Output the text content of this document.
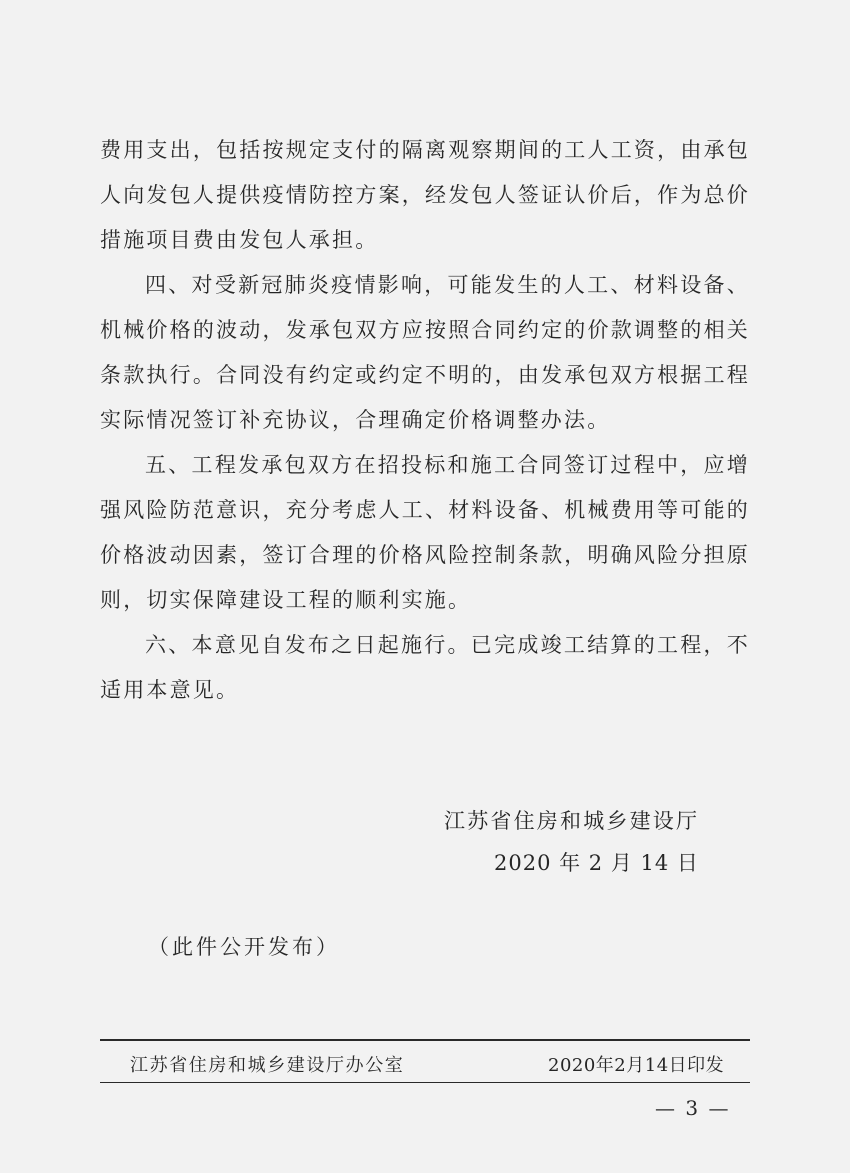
费用支出，包括按规定支付的隔离观察期间的工人工资，由承包人向发包人提供疫情防控方案，经发包人签证认价后，作为总价措施项目费由发包人承担。

四、对受新冠肺炎疫情影响，可能发生的人工、材料设备、机械价格的波动，发承包双方应按照合同约定的价款调整的相关条款执行。合同没有约定或约定不明的，由发承包双方根据工程实际情况签订补充协议，合理确定价格调整办法。

五、工程发承包双方在招投标和施工合同签订过程中，应增强风险防范意识，充分考虑人工、材料设备、机械费用等可能的价格波动因素，签订合理的价格风险控制条款，明确风险分担原则，切实保障建设工程的顺利实施。

六、本意见自发布之日起施行。已完成竣工结算的工程，不适用本意见。

江苏省住房和城乡建设厅
2020 年 2 月 14 日
（此件公开发布）
江苏省住房和城乡建设厅办公室	2020年2月14日印发
— 3 —
